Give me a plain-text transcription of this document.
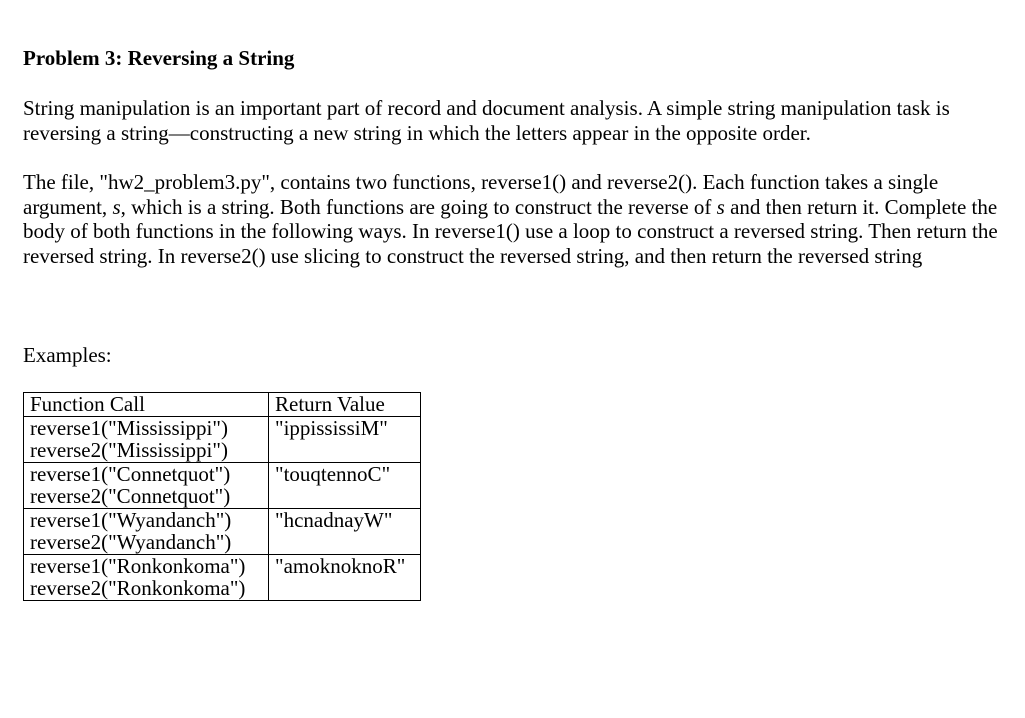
Problem 3: Reversing a String

String manipulation is an important part of record and document analysis. A simple string manipulation task is reversing a string—constructing a new string in which the letters appear in the opposite order.

The file, "hw2_problem3.py", contains two functions, reverse1() and reverse2(). Each function takes a single argument, s, which is a string. Both functions are going to construct the reverse of s and then return it. Complete the body of both functions in the following ways. In reverse1() use a loop to construct a reversed string. Then return the reversed string. In reverse2() use slicing to construct the reversed string, and then return the reversed string

Examples:

Function Call	Return Value

reverse1("Mississippi")
reverse2("Mississippi")	"ippississiM"

reverse1("Connetquot")
reverse2("Connetquot")	"touqtennoC"

reverse1("Wyandanch")
reverse2("Wyandanch")	"hcnadnayW"

reverse1("Ronkonkoma")
reverse2("Ronkonkoma")	"amoknoknoR"
